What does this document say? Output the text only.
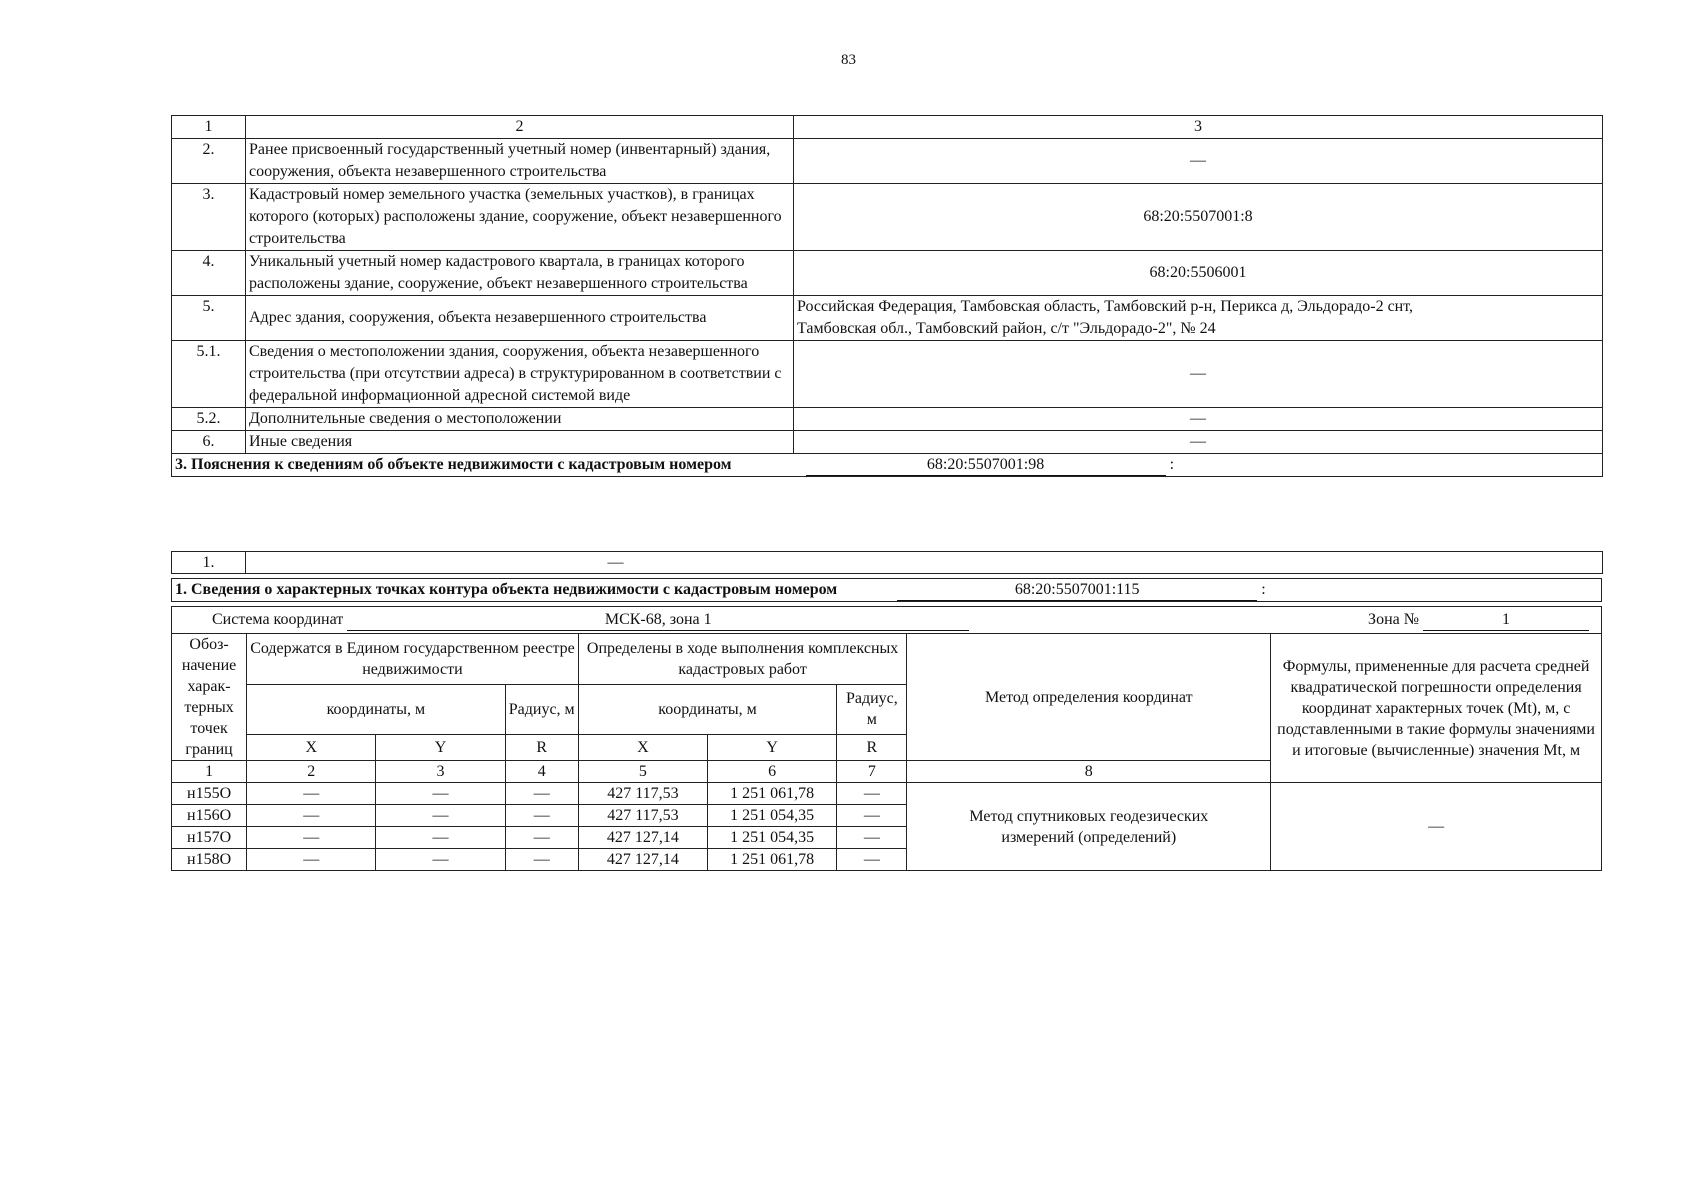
83
1	2	3
2.	Ранее присвоенный государственный учетный номер (инвентарный) здания, сооружения, объекта незавершенного строительства	—
3.	Кадастровый номер земельного участка (земельных участков), в границах которого (которых) расположены здание, сооружение, объект незавершенного строительства	68:20:5507001:8
4.	Уникальный учетный номер кадастрового квартала, в границах которого расположены здание, сооружение, объект незавершенного строительства	68:20:5506001
5.	Адрес здания, сооружения, объекта незавершенного строительства	Российская Федерация, Тамбовская область, Тамбовский р-н, Периксa д, Эльдорадо-2 снт,
Тамбовская обл., Тамбовский район, с/т "Эльдорадо-2", № 24

5.1.	Сведения о местоположении здания, сооружения, объекта незавершенного строительства (при отсутствии адреса) в структурированном в соответствии с федеральной информационной адресной системой виде	—
5.2.	Дополнительные сведения о местоположении	—
6.	Иные сведения	—
3. Пояснения к сведениям об объекте недвижимости с кадастровым номером 68:20:5507001:98 :		
1.	—
1. Сведения о характерных точках контура объекта недвижимости с кадастровым номером	68:20:5507001:115	:
Система координат МСК-68, зона 1 Зона № 1								

Обоз-начение харак-терных точек границ	Содержатся в Едином государственном реестре недвижимости			Определены в ходе выполнения комплексных кадастровых работ			Метод определения координат	Формулы, примененные для расчета средней квадратической погрешности определения координат характерных точек (Mt), м, с подставленными в такие формулы значениями и итоговые (вычисленные) значения Mt, м
	координаты, м		Радиус, м	координаты, м		Радиус, м		
	X	Y	R	X	Y	R		
1	2	3	4	5	6	7	8	
н155О	—	—	—	427 117,53	1 251 061,78	—	Метод спутниковых геодезических измерений (определений)	—
н156О	—	—	—	427 117,53	1 251 054,35	—		
н157О	—	—	—	427 127,14	1 251 054,35	—		
н158О	—	—	—	427 127,14	1 251 061,78	—		
